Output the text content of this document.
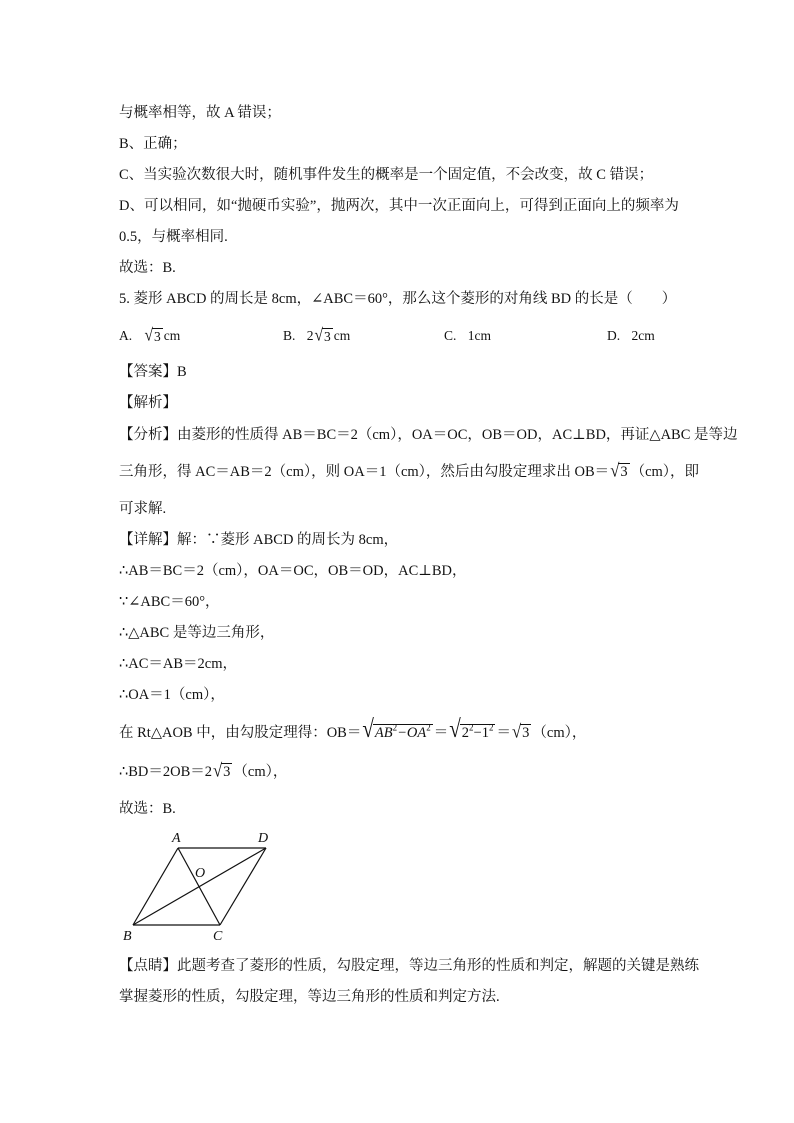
与概率相等，故 A 错误；
B、正确；
C、当实验次数很大时，随机事件发生的概率是一个固定值，不会改变，故 C 错误；
D、可以相同，如“抛硬币实验”，抛两次，其中一次正面向上，可得到正面向上的频率为
0.5，与概率相同.
故选：B.
5. 菱形 ABCD 的周长是 8cm，∠ABC＝60°，那么这个菱形的对角线 BD 的长是（　　）
A. √ 3 cm	B. 2 √ 3 cm	C. 1cm	D. 2cm
【答案】B
【解析】
【分析】由菱形的性质得 AB＝BC＝2（cm），OA＝OC，OB＝OD，AC⊥BD，再证△ABC 是等边
三角形，得 AC＝AB＝2（cm），则 OA＝1（cm），然后由勾股定理求出 OB＝ √ 3 （cm），即
可求解.
【详解】解：∵菱形 ABCD 的周长为 8cm，
∴AB＝BC＝2（cm），OA＝OC，OB＝OD，AC⊥BD，
∵∠ABC＝60°，
∴△ABC 是等边三角形，
∴AC＝AB＝2cm，
∴OA＝1（cm），
在 Rt△AOB 中，由勾股定理得：OB＝ √ $AB^2-OA^2$ ＝ √ $2^2-1^2$ ＝ √ 3 （cm），
∴BD＝2OB＝2 √ 3 （cm），
故选：B.
A	D
O
B	C
【点睛】此题考查了菱形的性质，勾股定理，等边三角形的性质和判定，解题的关键是熟练
掌握菱形的性质，勾股定理，等边三角形的性质和判定方法.
